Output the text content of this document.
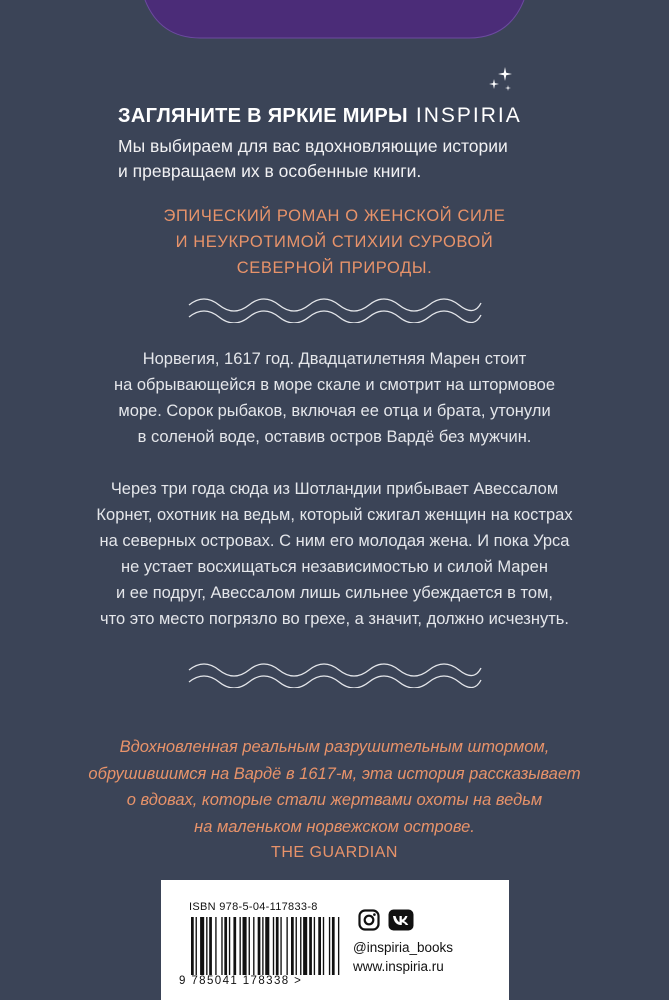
ЗАГЛЯНИТЕ В ЯРКИЕ МИРЫ INSPIRIA
Мы выбираем для вас вдохновляющие истории
и превращаем их в особенные книги.
ЭПИЧЕСКИЙ РОМАН О ЖЕНСКОЙ СИЛЕ
И НЕУКРОТИМОЙ СТИХИИ СУРОВОЙ
СЕВЕРНОЙ ПРИРОДЫ.
Норвегия, 1617 год. Двадцатилетняя Марен стоит
на обрывающейся в море скале и смотрит на штормовое
море. Сорок рыбаков, включая ее отца и брата, утонули
в соленой воде, оставив остров Вардё без мужчин.
Через три года сюда из Шотландии прибывает Авессалом
Корнет, охотник на ведьм, который сжигал женщин на кострах
на северных островах. С ним его молодая жена. И пока Урса
не устает восхищаться независимостью и силой Марен
и ее подруг, Авессалом лишь сильнее убеждается в том,
что это место погрязло во грехе, а значит, должно исчезнуть.
Вдохновленная реальным разрушительным штормом,
обрушившимся на Вардё в 1617-м, эта история рассказывает
о вдовах, которые стали жертвами охоты на ведьм
на маленьком норвежском острове.
THE GUARDIAN
ISBN 978-5-04-117833-8
9 785041 178338 >
@inspiria_books
www.inspiria.ru
